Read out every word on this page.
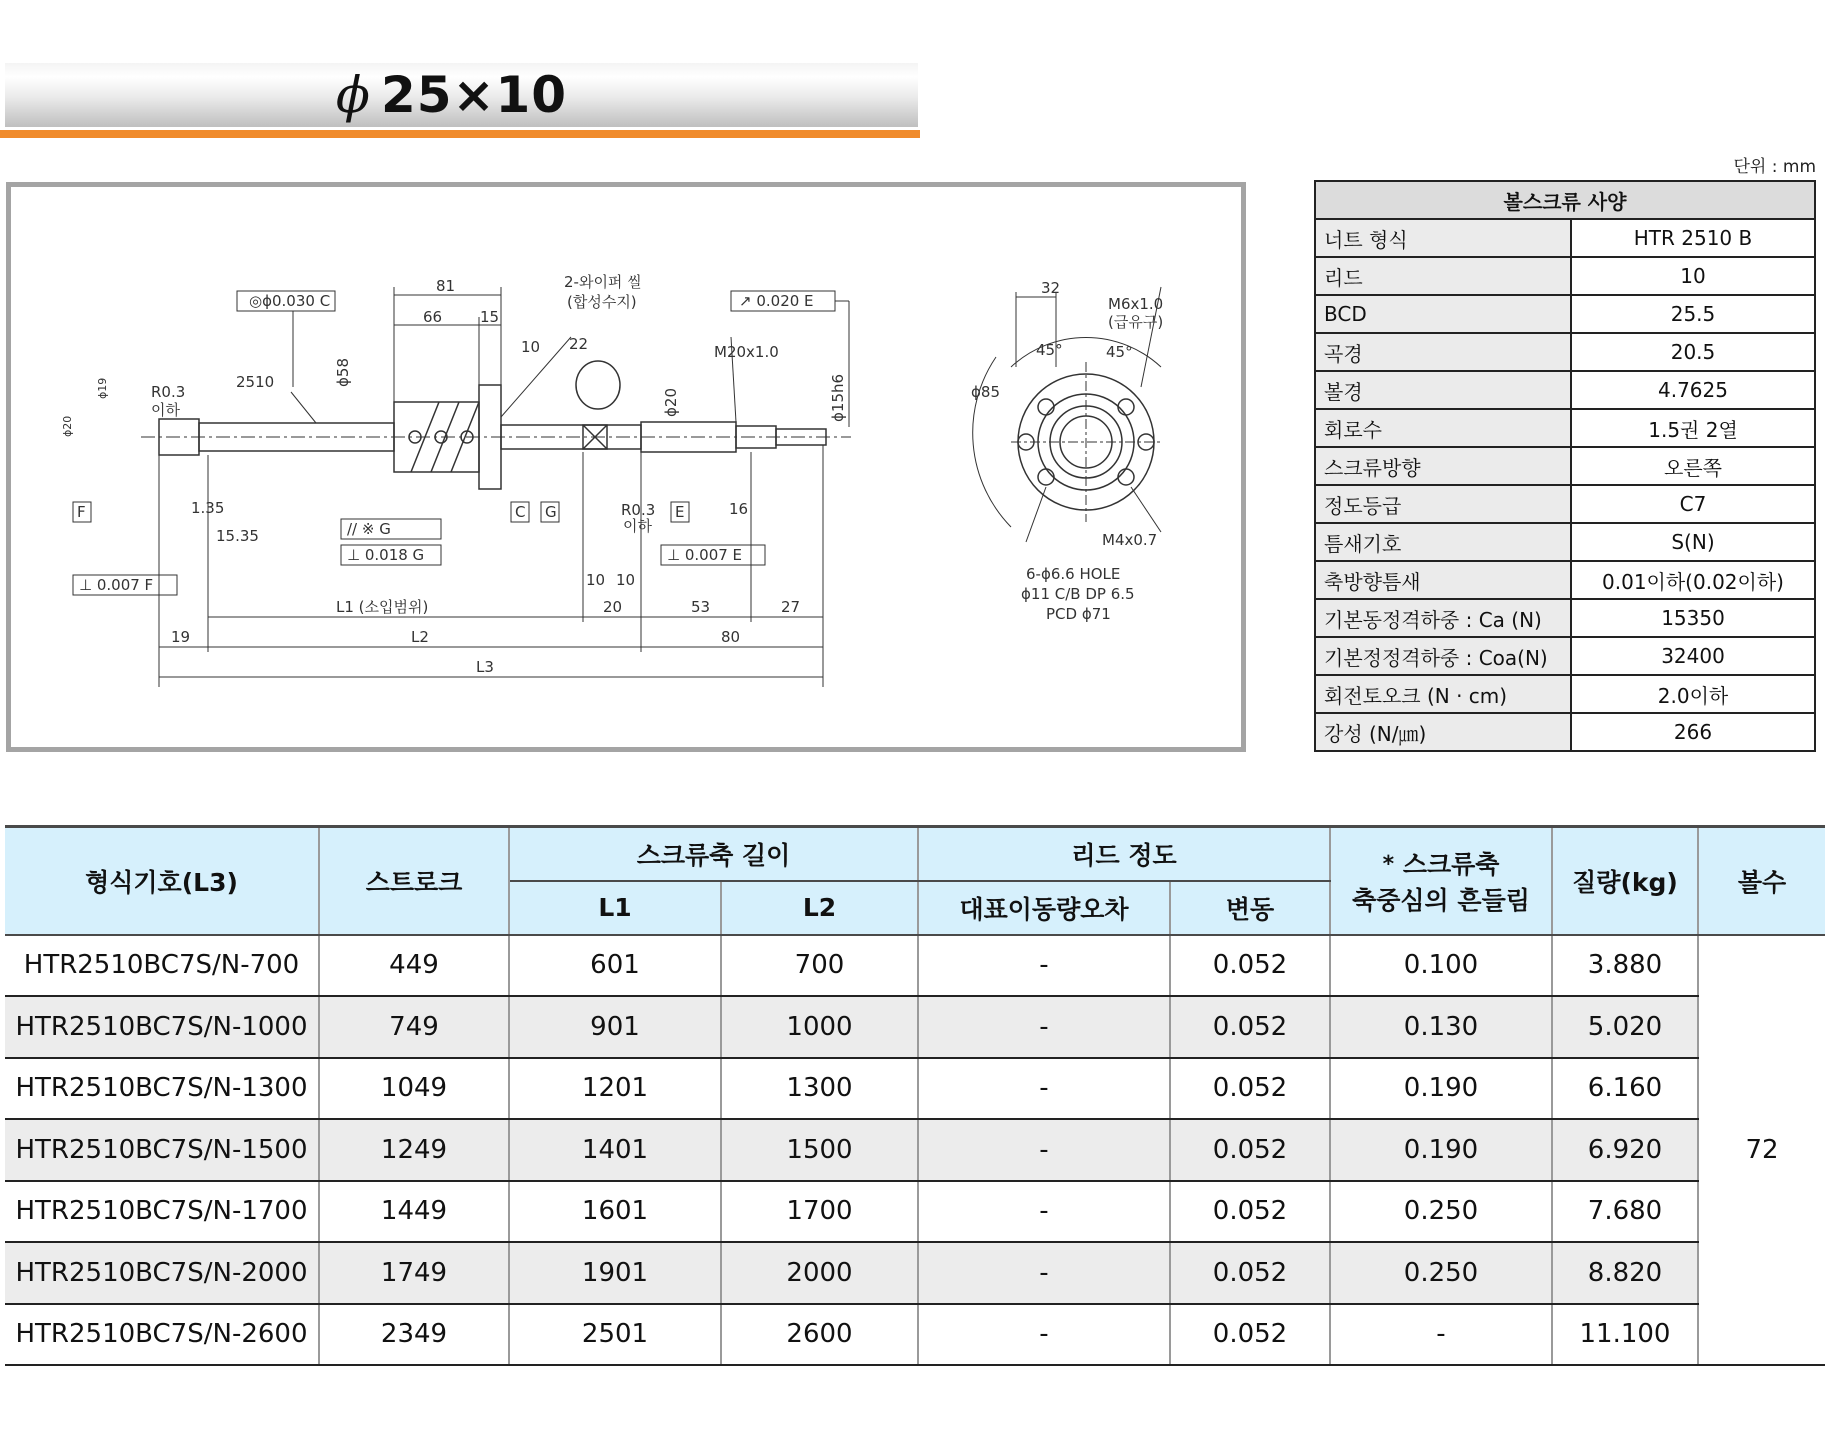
ϕ 25×10
단위 : mm
81
66	15
10 22
◎ϕ0.030 C	↗ 0.020 E
// ※ G
⊥ 0.018 G	⊥ 0.007 E
⊥ 0.007 F
F	C G	E
1.35
15.35
16
10 10
20	53	27
19	80
L1 (소입범위)
L2
L3
2510
R0.3
이하
R0.3
이하
2-와이퍼 씰
(합성수지)
M20x1.0
M6x1.0
(급유구)
M4x0.7
6-ϕ6.6 HOLE
ϕ11 C/B DP 6.5
PCD ϕ71
32
45°	45°
ϕ85
ϕ20
ϕ19
ϕ58
ϕ20	ϕ15h6
볼스크류 사양	
너트 형식	HTR 2510 B
리드	10
BCD	25.5
곡경	20.5
볼경	4.7625
회로수	1.5권 2열
스크류방향	오른쪽
정도등급	C7
틈새기호	S(N)
축방향틈새	0.01이하(0.02이하)
기본동정격하중 : Ca (N)	15350
기본정정격하중 : Coa(N)	32400
회전토오크 (N · cm)	2.0이하
강성 (N/㎛)	266
형식기호(L3)	스트로크	스크류축 길이		리드 정도		* 스크류축
축중심의 흔들림	질량(kg)	볼수
		L1	L2	대표이동량오차	변동			
HTR2510BC7S/N-700	449	601	700	-	0.052	0.100	3.880	72
HTR2510BC7S/N-1000	749	901	1000	-	0.052	0.130	5.020	
HTR2510BC7S/N-1300	1049	1201	1300	-	0.052	0.190	6.160	
HTR2510BC7S/N-1500	1249	1401	1500	-	0.052	0.190	6.920	
HTR2510BC7S/N-1700	1449	1601	1700	-	0.052	0.250	7.680	
HTR2510BC7S/N-2000	1749	1901	2000	-	0.052	0.250	8.820	
HTR2510BC7S/N-2600	2349	2501	2600	-	0.052	-	11.100	
